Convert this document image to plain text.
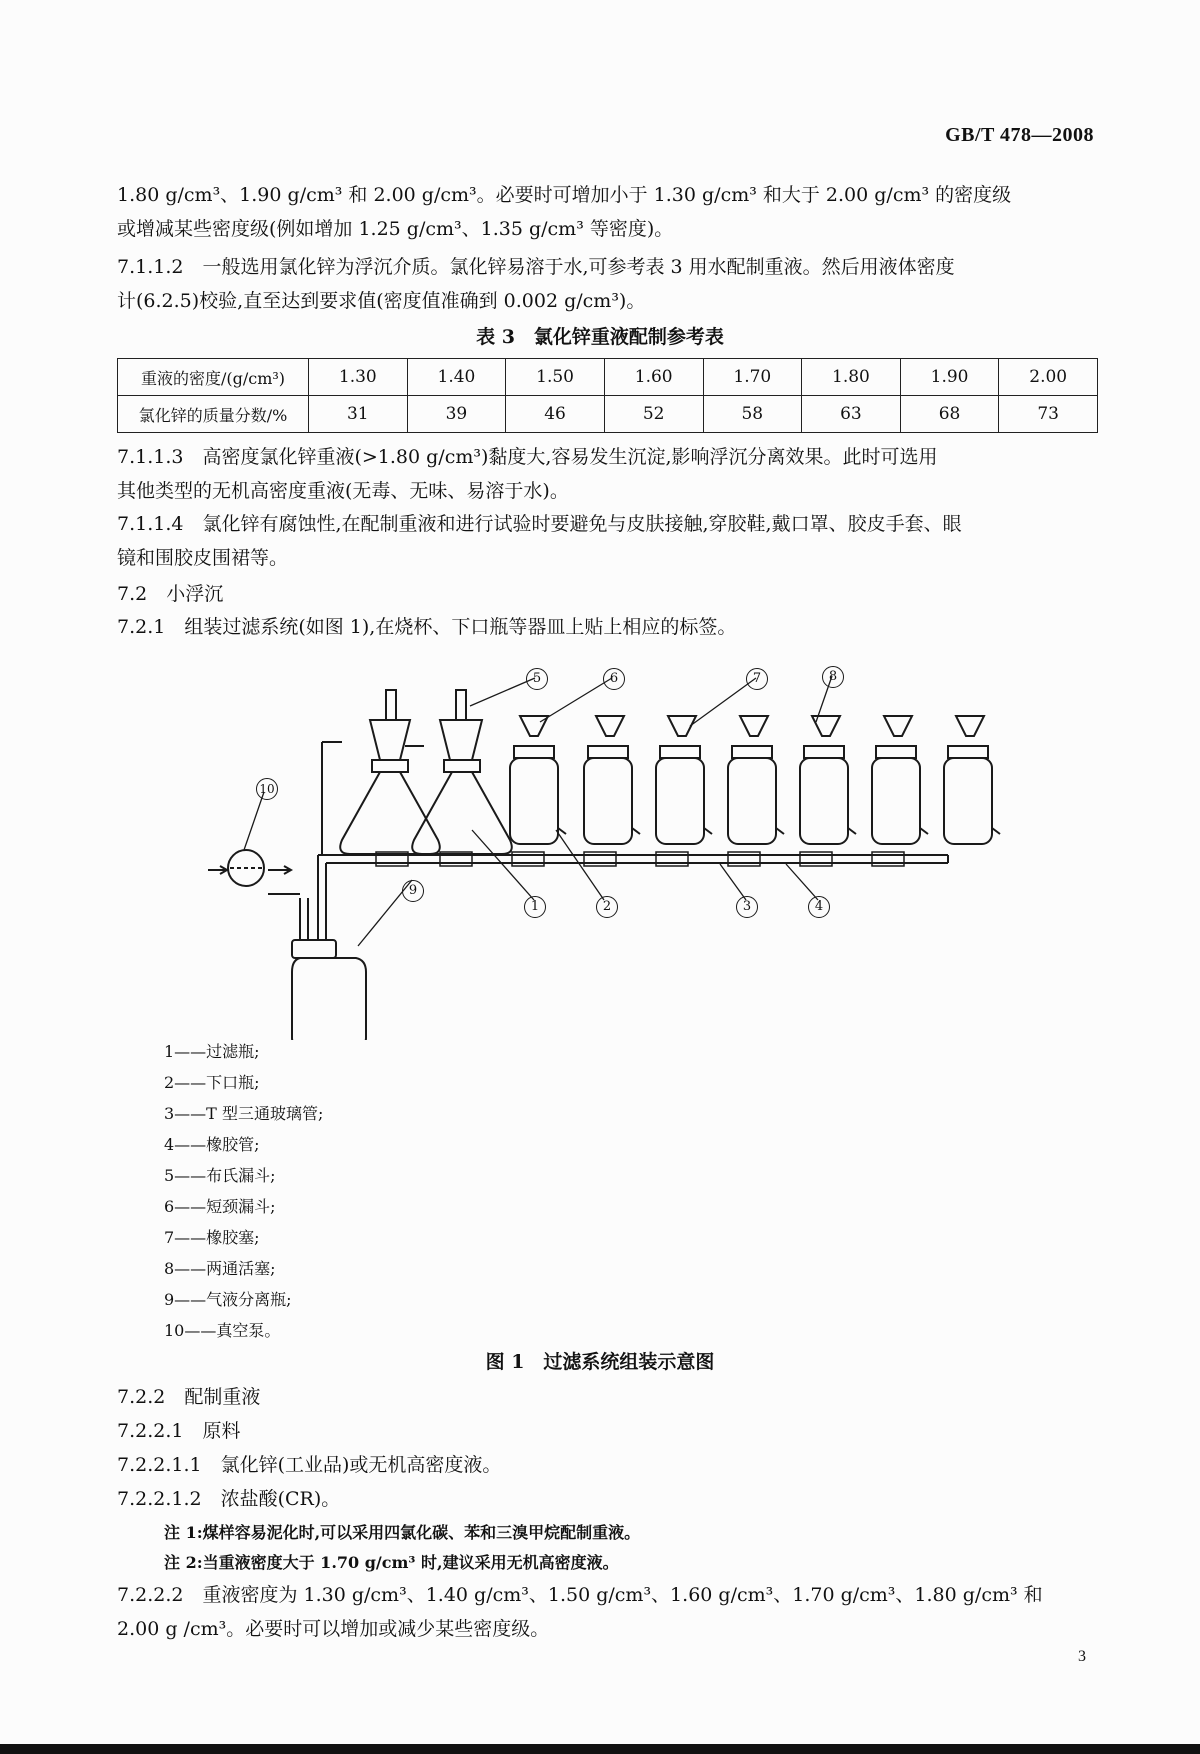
GB/T 478—2008
1.80 g/cm³、1.90 g/cm³ 和 2.00 g/cm³。必要时可增加小于 1.30 g/cm³ 和大于 2.00 g/cm³ 的密度级
或增减某些密度级(例如增加 1.25 g/cm³、1.35 g/cm³ 等密度)。
7.1.1.2　一般选用氯化锌为浮沉介质。氯化锌易溶于水,可参考表 3 用水配制重液。然后用液体密度
计(6.2.5)校验,直至达到要求值(密度值准确到 0.002 g/cm³)。
表 3　氯化锌重液配制参考表
重液的密度/(g/cm³)	1.30	1.40	1.50	1.60	1.70	1.80	1.90	2.00
氯化锌的质量分数/%	31	39	46	52	58	63	68	73
7.1.1.3　高密度氯化锌重液(>1.80 g/cm³)黏度大,容易发生沉淀,影响浮沉分离效果。此时可选用
其他类型的无机高密度重液(无毒、无味、易溶于水)。
7.1.1.4　氯化锌有腐蚀性,在配制重液和进行试验时要避免与皮肤接触,穿胶鞋,戴口罩、胶皮手套、眼
镜和围胶皮围裙等。
7.2　小浮沉
7.2.1　组装过滤系统(如图 1),在烧杯、下口瓶等器皿上贴上相应的标签。
5	6	7	8
10
9
1	2	3	4
1——过滤瓶;
2——下口瓶;
3——T 型三通玻璃管;
4——橡胶管;
5——布氏漏斗;
6——短颈漏斗;
7——橡胶塞;
8——两通活塞;
9——气液分离瓶;
10——真空泵。
图 1　过滤系统组装示意图
7.2.2　配制重液
7.2.2.1　原料
7.2.2.1.1　氯化锌(工业品)或无机高密度液。
7.2.2.1.2　浓盐酸(CR)。
注 1:煤样容易泥化时,可以采用四氯化碳、苯和三溴甲烷配制重液。
注 2:当重液密度大于 1.70 g/cm³ 时,建议采用无机高密度液。
7.2.2.2　重液密度为 1.30 g/cm³、1.40 g/cm³、1.50 g/cm³、1.60 g/cm³、1.70 g/cm³、1.80 g/cm³ 和
2.00 g /cm³。必要时可以增加或减少某些密度级。
3
